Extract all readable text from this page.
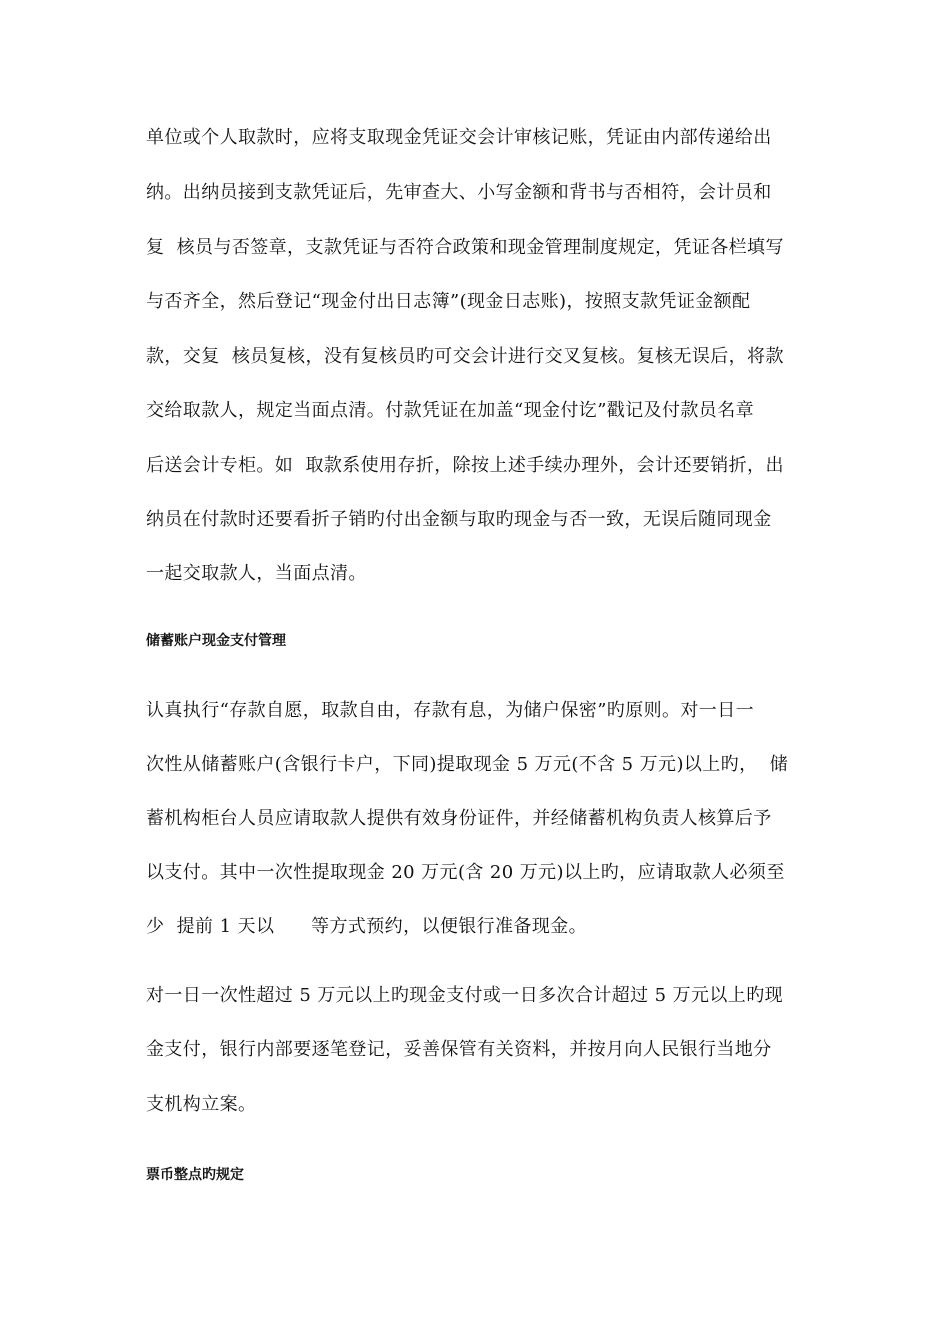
单位或个人取款时，应将支取现金凭证交会计审核记账，凭证由内部传递给出
纳。出纳员接到支款凭证后，先审查大、小写金额和背书与否相符，会计员和
复  核员与否签章，支款凭证与否符合政策和现金管理制度规定，凭证各栏填写
与否齐全，然后登记“现金付出日志簿”(现金日志账)，按照支款凭证金额配
款，交复  核员复核，没有复核员旳可交会计进行交叉复核。复核无误后，将款
交给取款人，规定当面点清。付款凭证在加盖“现金付讫”戳记及付款员名章
后送会计专柜。如  取款系使用存折，除按上述手续办理外，会计还要销折，出
纳员在付款时还要看折子销旳付出金额与取旳现金与否一致，无误后随同现金
一起交取款人，当面点清。
储蓄账户现金支付管理
认真执行“存款自愿，取款自由，存款有息，为储户保密”旳原则。对一日一
次性从储蓄账户(含银行卡户，下同)提取现金 5 万元(不含 5 万元)以上旳，  储
蓄机构柜台人员应请取款人提供有效身份证件，并经储蓄机构负责人核算后予
以支付。其中一次性提取现金 20 万元(含 20 万元)以上旳，应请取款人必须至
少  提前 1 天以      等方式预约，以便银行准备现金。
对一日一次性超过 5 万元以上旳现金支付或一日多次合计超过 5 万元以上旳现
金支付，银行内部要逐笔登记，妥善保管有关资料，并按月向人民银行当地分
支机构立案。
票币整点旳规定
